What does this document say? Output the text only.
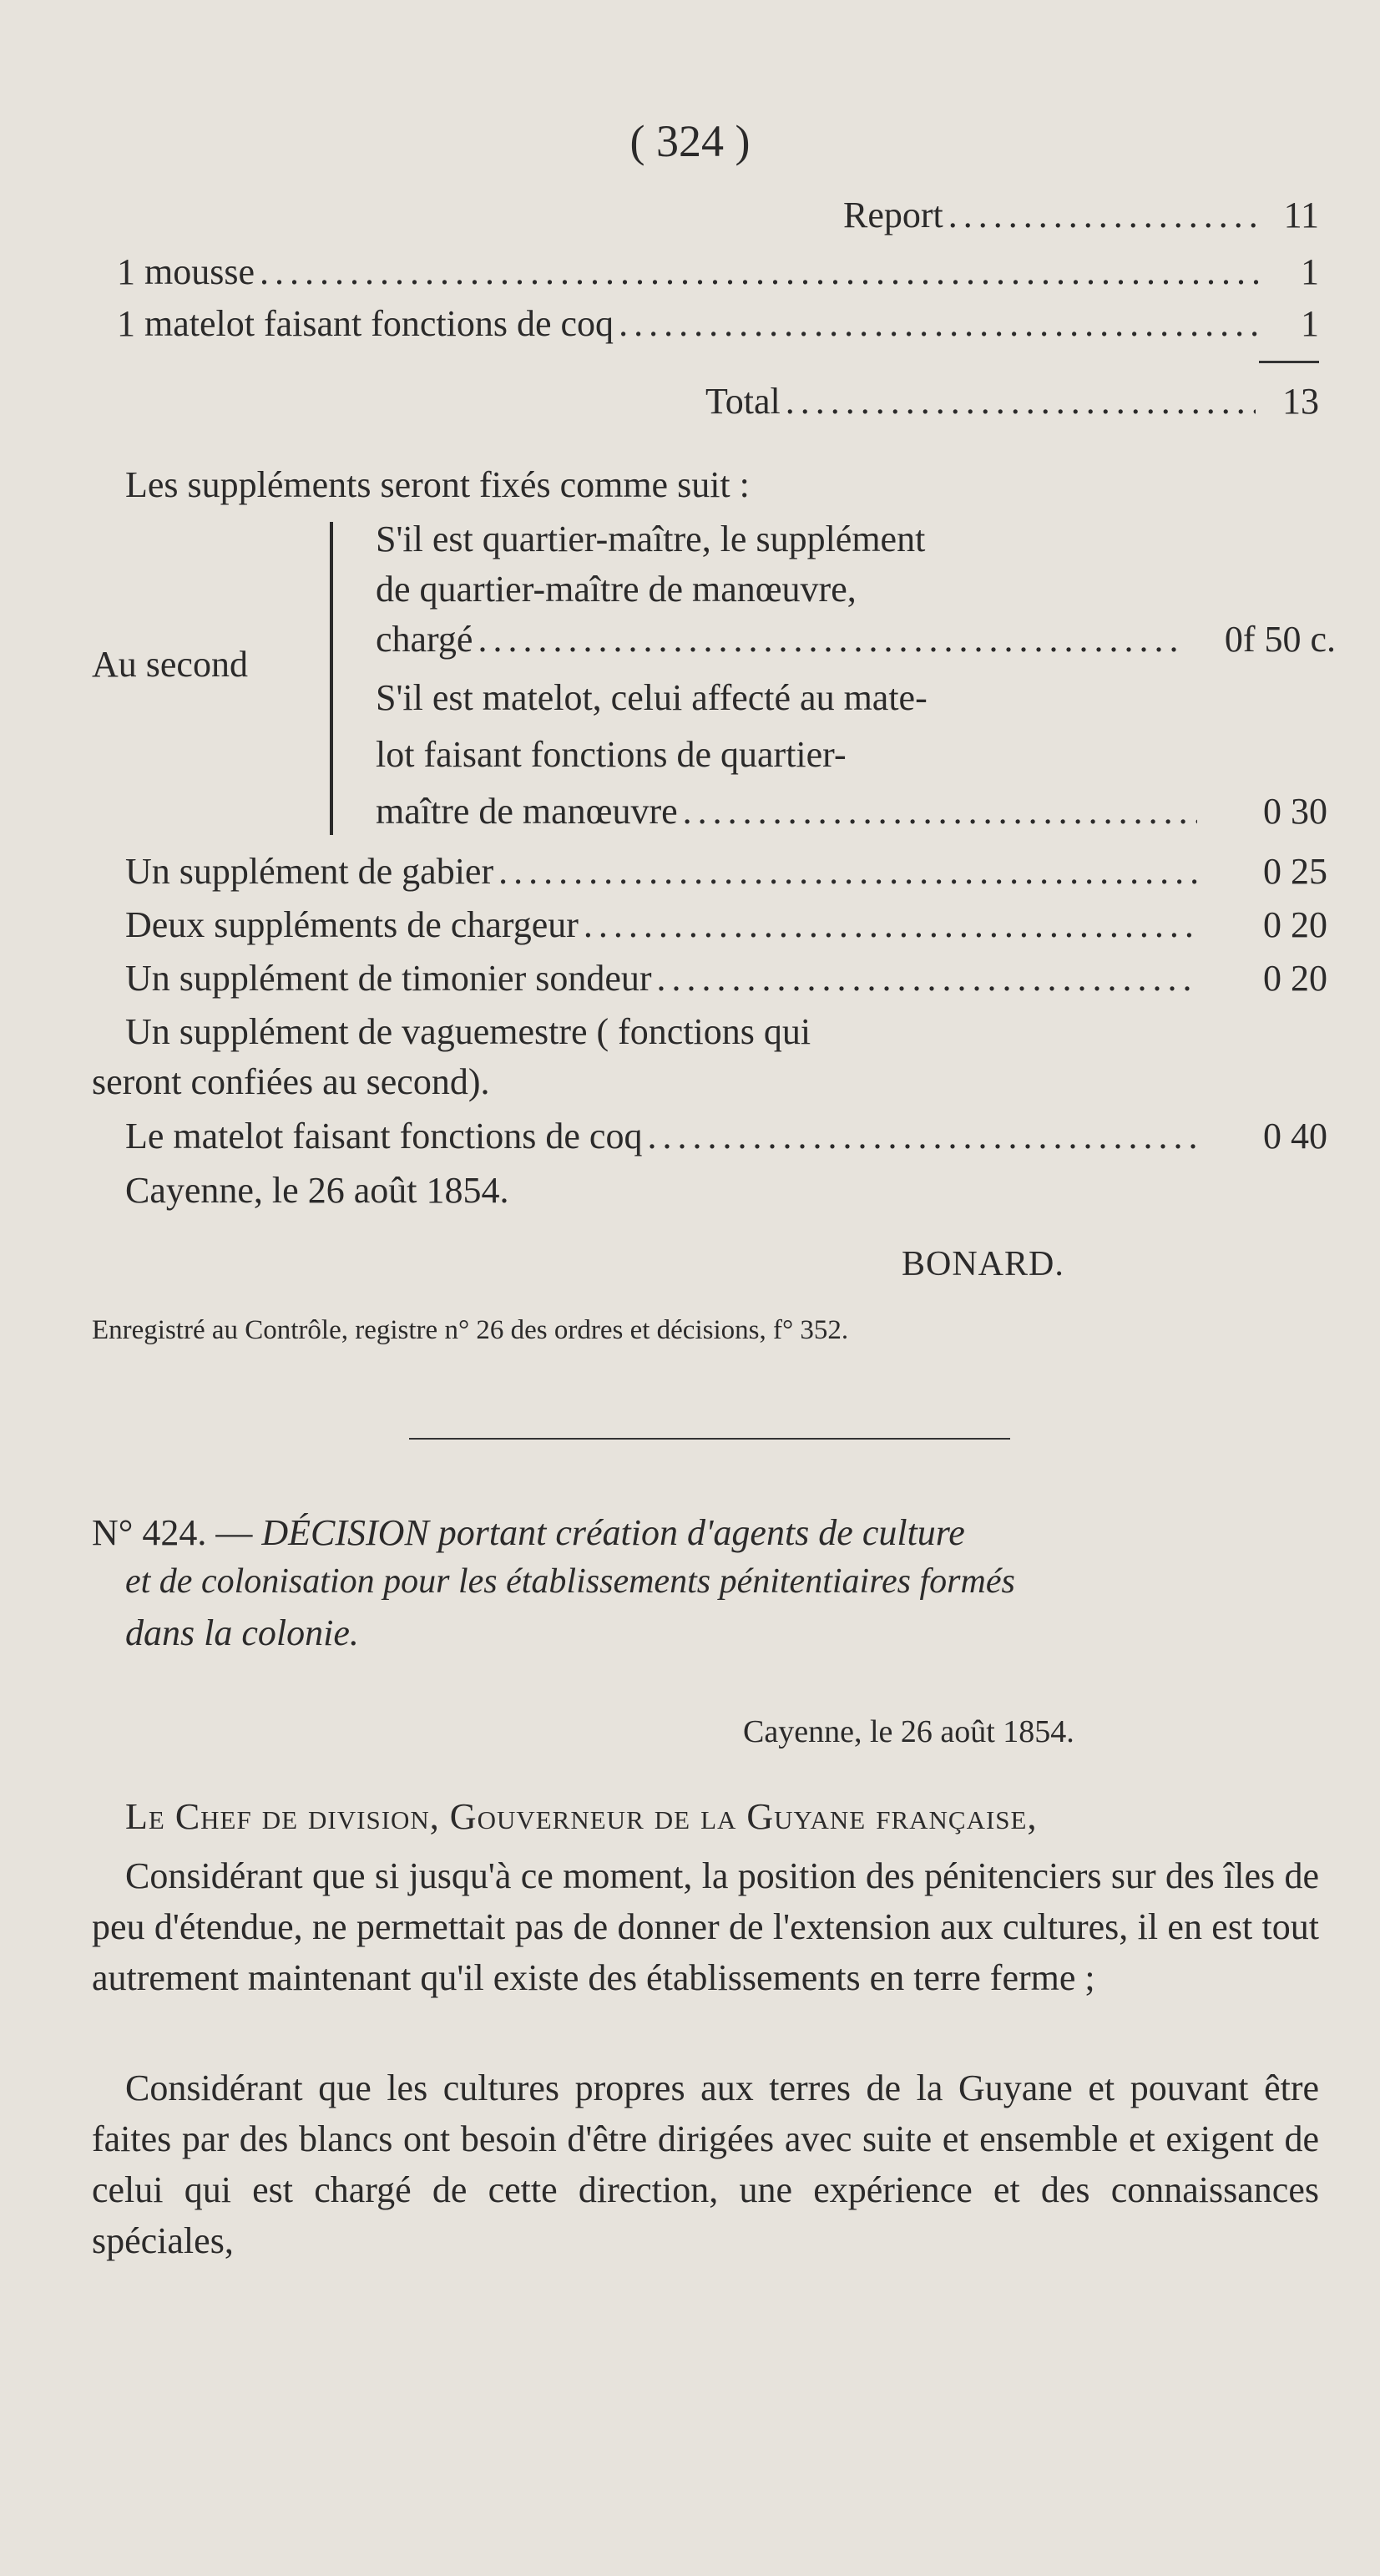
( 324 )
Report . . .	11
1 mousse . . .	1
1 matelot faisant fonctions de coq . . .	1
Total . . .	13
Les suppléments seront fixés comme suit :
Au second
S'il est quartier-maître, le supplément
de quartier-maître de manœuvre,
chargé . . .	0f 50 c.
S'il est matelot, celui affecté au mate-
lot faisant fonctions de quartier-
maître de manœuvre . . .	0 30
Un supplément de gabier . . .	0 25
Deux suppléments de chargeur . . .	0 20
Un supplément de timonier sondeur . . .	0 20
Un supplément de vaguemestre ( fonctions qui
seront confiées au second).
Le matelot faisant fonctions de coq . . .	0 40
Cayenne, le 26 août 1854.
BONARD.
Enregistré au Contrôle, registre n° 26 des ordres et décisions, f° 352.
N° 424. — DÉCISION portant création d'agents de culture
et de colonisation pour les établissements pénitentiaires formés
dans la colonie.
Cayenne, le 26 août 1854.
Le Chef de division, Gouverneur de la Guyane française,
Considérant que si jusqu'à ce moment, la position des pénitenciers sur des îles de peu d'étendue, ne permettait pas de donner de l'extension aux cultures, il en est tout autrement maintenant qu'il existe des établissements en terre ferme ;
Considérant que les cultures propres aux terres de la Guyane et pouvant être faites par des blancs ont besoin d'être dirigées avec suite et ensemble et exigent de celui qui est chargé de cette direction, une expérience et des connaissances spéciales,
